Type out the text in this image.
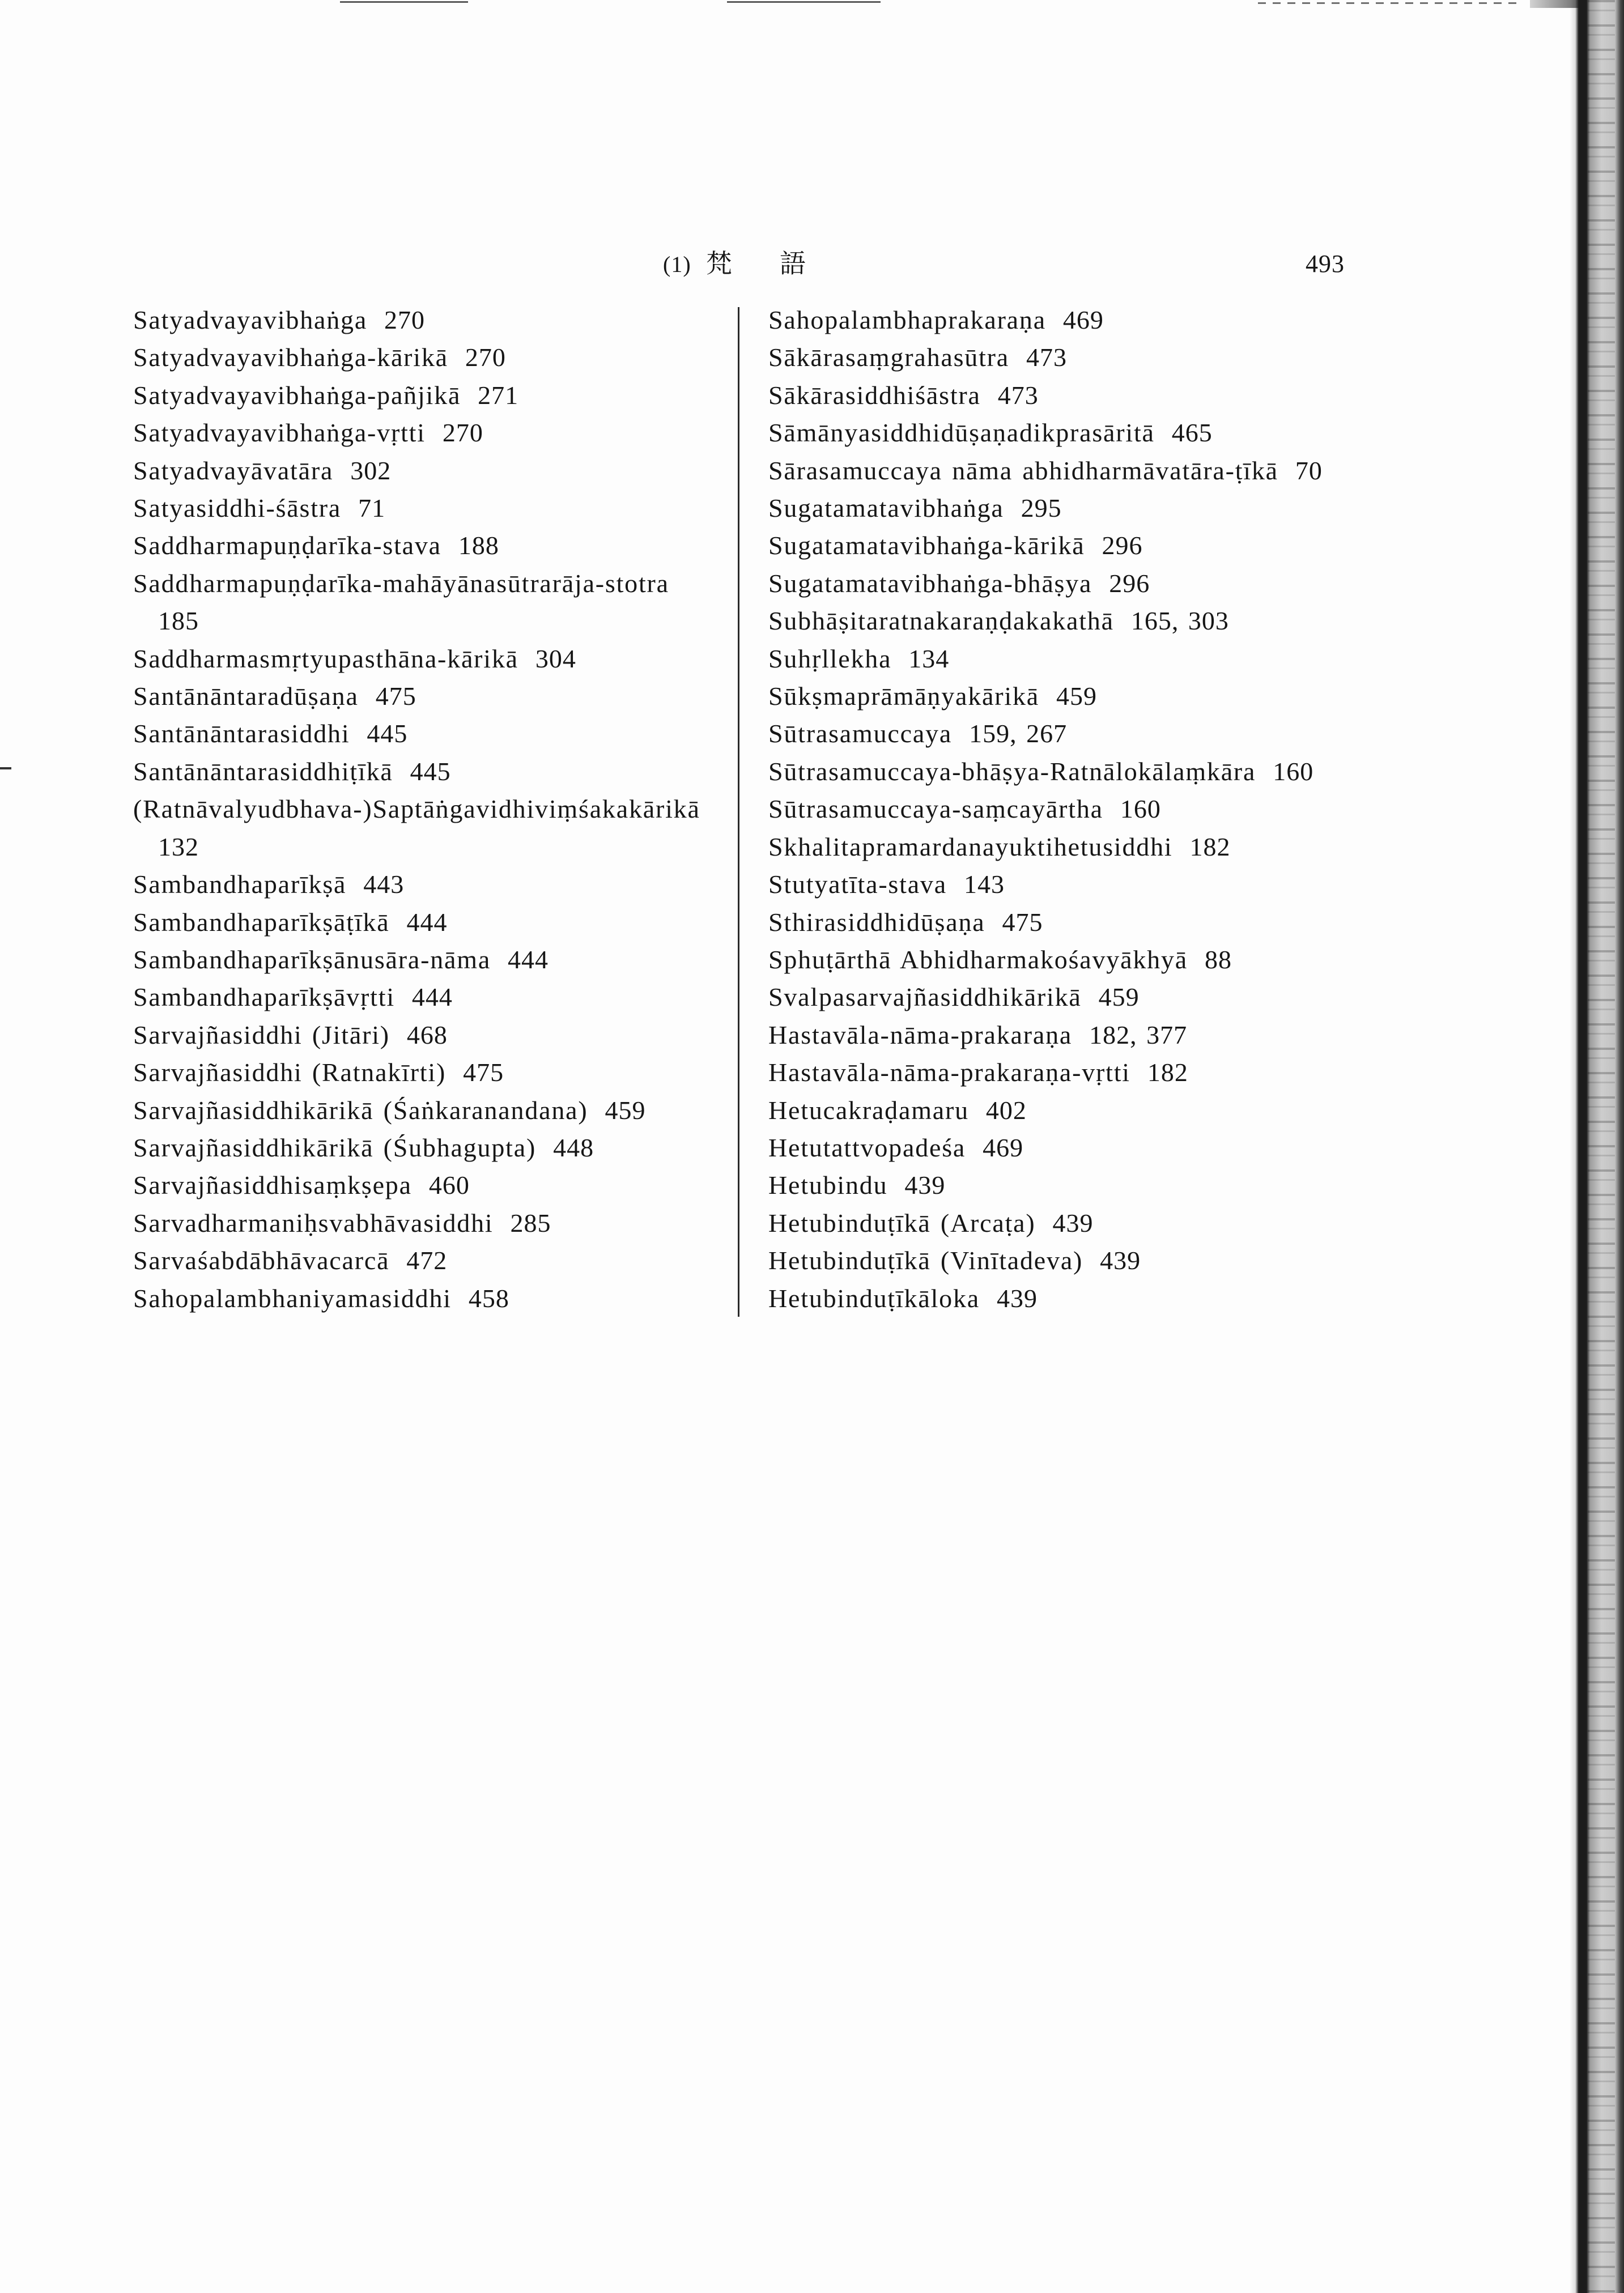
(1) 梵 語	493
Satyadvayavibhaṅga 270
Satyadvayavibhaṅga-kārikā 270
Satyadvayavibhaṅga-pañjikā 271
Satyadvayavibhaṅga-vṛtti 270
Satyadvayāvatāra 302
Satyasiddhi-śāstra 71
Saddharmapuṇḍarīka-stava 188
Saddharmapuṇḍarīka-mahāyānasūtrarāja-stotra
185
Saddharmasmṛtyupasthāna-kārikā 304
Santānāntaradūṣaṇa 475
Santānāntarasiddhi 445
Santānāntarasiddhiṭīkā 445
(Ratnāvalyudbhava-)Saptāṅgavidhiviṃśakakārikā
132
Sambandhaparīkṣā 443
Sambandhaparīkṣāṭīkā 444
Sambandhaparīkṣānusāra-nāma 444
Sambandhaparīkṣāvṛtti 444
Sarvajñasiddhi (Jitāri) 468
Sarvajñasiddhi (Ratnakīrti) 475
Sarvajñasiddhikārikā (Śaṅkaranandana) 459
Sarvajñasiddhikārikā (Śubhagupta) 448
Sarvajñasiddhisaṃkṣepa 460
Sarvadharmaniḥsvabhāvasiddhi 285
Sarvaśabdābhāvacarcā 472
Sahopalambhaniyamasiddhi 458
Sahopalambhaprakaraṇa 469
Sākārasaṃgrahasūtra 473
Sākārasiddhiśāstra 473
Sāmānyasiddhidūṣaṇadikprasāritā 465
Sārasamuccaya nāma abhidharmāvatāra-ṭīkā 70
Sugatamatavibhaṅga 295
Sugatamatavibhaṅga-kārikā 296
Sugatamatavibhaṅga-bhāṣya 296
Subhāṣitaratnakaraṇḍakakathā 165, 303
Suhṛllekha 134
Sūkṣmaprāmāṇyakārikā 459
Sūtrasamuccaya 159, 267
Sūtrasamuccaya-bhāṣya-Ratnālokālaṃkāra 160
Sūtrasamuccaya-saṃcayārtha 160
Skhalitapramardanayuktihetusiddhi 182
Stutyatīta-stava 143
Sthirasiddhidūṣaṇa 475
Sphuṭārthā Abhidharmakośavyākhyā 88
Svalpasarvajñasiddhikārikā 459
Hastavāla-nāma-prakaraṇa 182, 377
Hastavāla-nāma-prakaraṇa-vṛtti 182
Hetucakraḍamaru 402
Hetutattvopadeśa 469
Hetubindu 439
Hetubinduṭīkā (Arcaṭa) 439
Hetubinduṭīkā (Vinītadeva) 439
Hetubinduṭīkāloka 439
